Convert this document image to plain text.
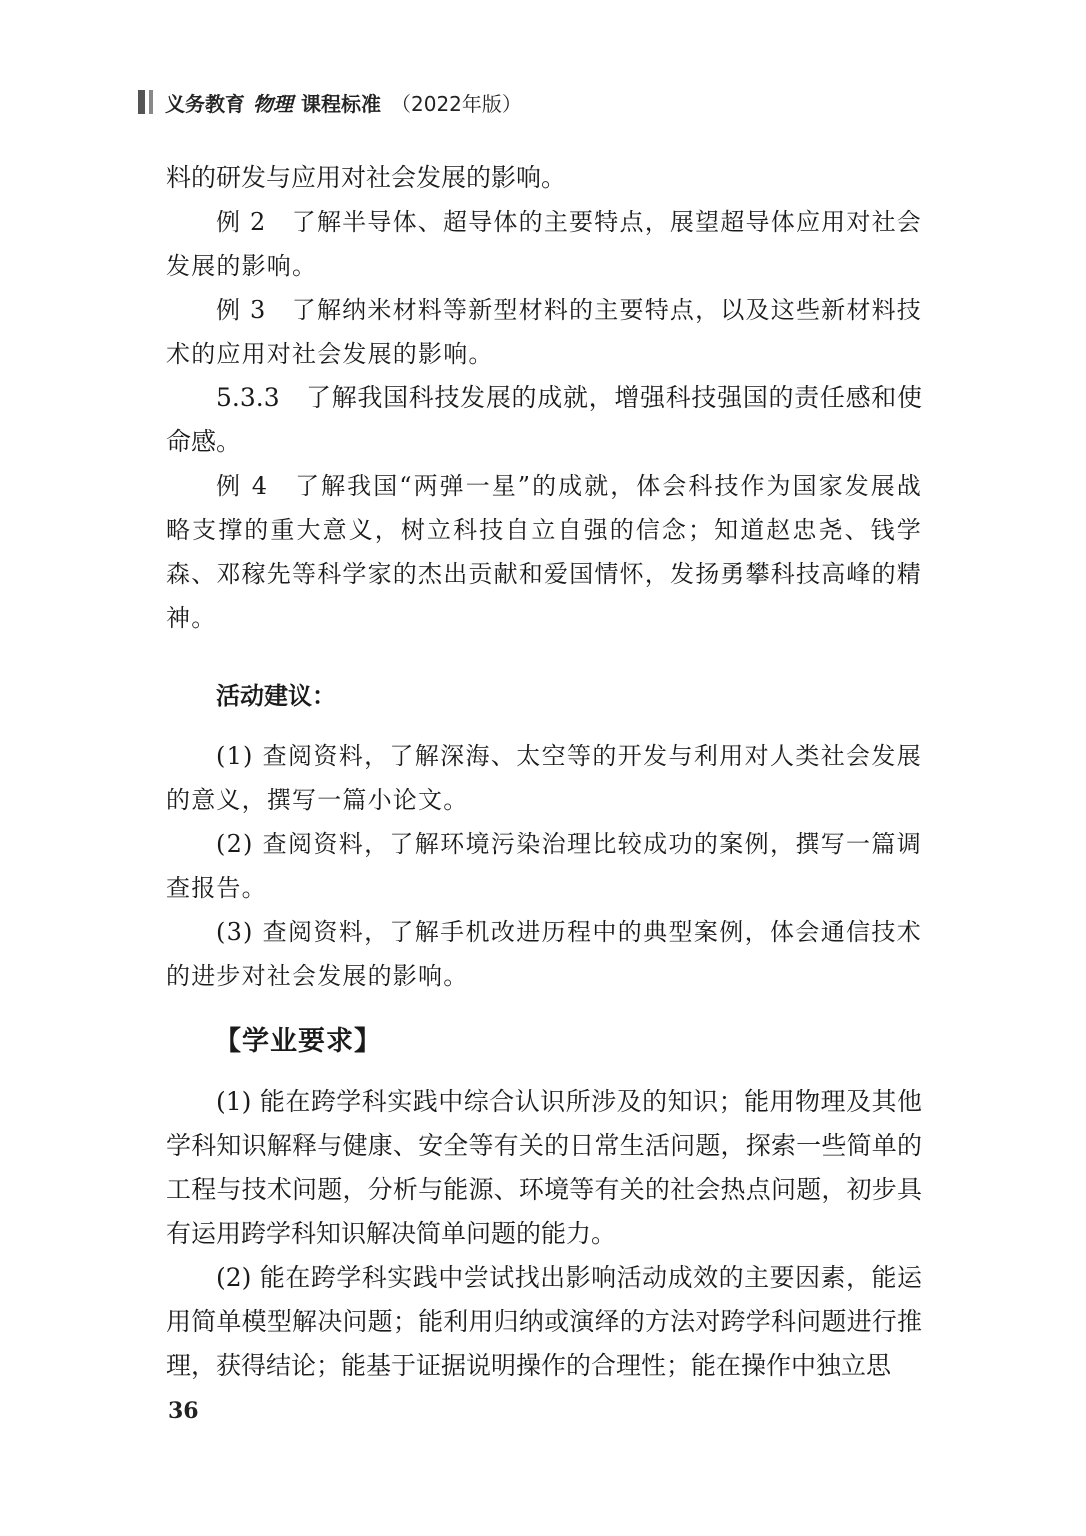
义务教育 物理 课程标准 （2022年版）

料的研发与应用对社会发展的影响。

例 2　了解半导体、超导体的主要特点，展望超导体应用对社会发展的影响。

例 3　了解纳米材料等新型材料的主要特点，以及这些新材料技术的应用对社会发展的影响。

5.3.3　了解我国科技发展的成就，增强科技强国的责任感和使命感。

例 4　了解我国“两弹一星”的成就，体会科技作为国家发展战略支撑的重大意义，树立科技自立自强的信念；知道赵忠尧、钱学森、邓稼先等科学家的杰出贡献和爱国情怀，发扬勇攀科技高峰的精神。

活动建议：

(1) 查阅资料，了解深海、太空等的开发与利用对人类社会发展的意义，撰写一篇小论文。

(2) 查阅资料，了解环境污染治理比较成功的案例，撰写一篇调查报告。

(3) 查阅资料，了解手机改进历程中的典型案例，体会通信技术的进步对社会发展的影响。

【学业要求】

(1) 能在跨学科实践中综合认识所涉及的知识；能用物理及其他学科知识解释与健康、安全等有关的日常生活问题，探索一些简单的工程与技术问题，分析与能源、环境等有关的社会热点问题，初步具有运用跨学科知识解决简单问题的能力。

(2) 能在跨学科实践中尝试找出影响活动成效的主要因素，能运用简单模型解决问题；能利用归纳或演绎的方法对跨学科问题进行推理，获得结论；能基于证据说明操作的合理性；能在操作中独立思

36
